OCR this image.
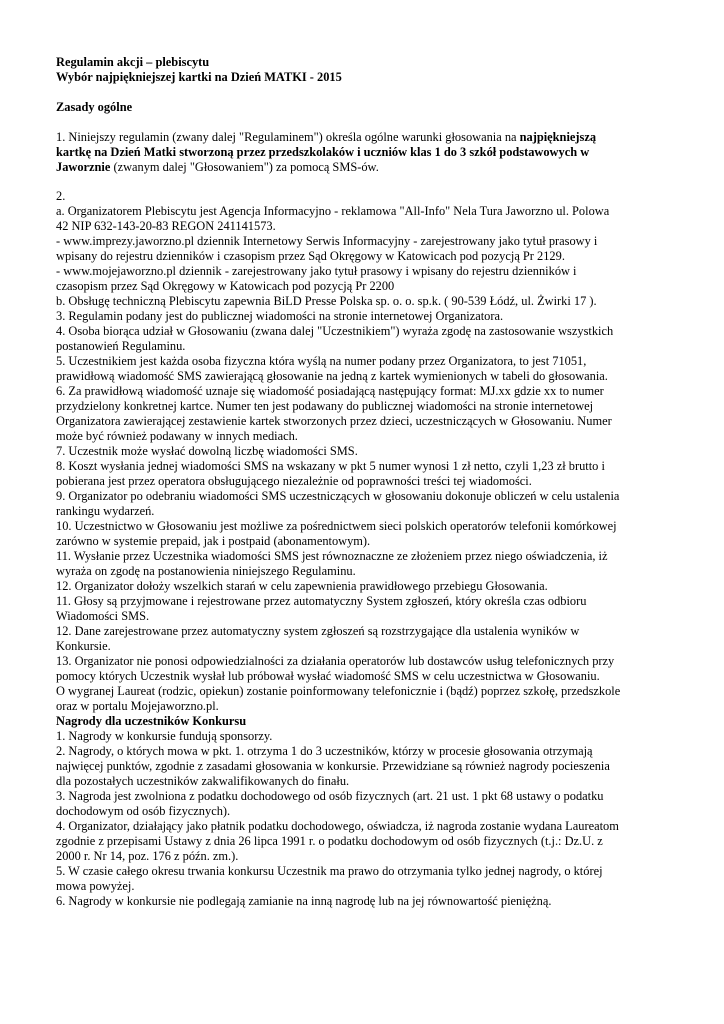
Regulamin akcji – plebiscytu
Wybór najpiękniejszej kartki na Dzień MATKI - 2015
Zasady ogólne
1. Niniejszy regulamin (zwany dalej "Regulaminem") określa ogólne warunki głosowania na najpiękniejszą
kartkę na Dzień Matki stworzoną przez przedszkolaków i uczniów klas 1 do 3 szkół podstawowych w
Jaworznie (zwanym dalej "Głosowaniem") za pomocą SMS-ów.
2.
a. Organizatorem Plebiscytu jest Agencja Informacyjno - reklamowa "All-Info" Nela Tura Jaworzno ul. Polowa
42 NIP 632-143-20-83 REGON 241141573.
- www.imprezy.jaworzno.pl dziennik Internetowy Serwis Informacyjny - zarejestrowany jako tytuł prasowy i
wpisany do rejestru dzienników i czasopism przez Sąd Okręgowy w Katowicach pod pozycją Pr 2129.
- www.mojejaworzno.pl dziennik - zarejestrowany jako tytuł prasowy i wpisany do rejestru dzienników i
czasopism przez Sąd Okręgowy w Katowicach pod pozycją Pr 2200
b. Obsługę techniczną Plebiscytu zapewnia BiLD Presse Polska sp. o. o. sp.k. ( 90-539 Łódź, ul. Żwirki 17 ).
3. Regulamin podany jest do publicznej wiadomości na stronie internetowej Organizatora.
4. Osoba biorąca udział w Głosowaniu (zwana dalej "Uczestnikiem") wyraża zgodę na zastosowanie wszystkich
postanowień Regulaminu.
5. Uczestnikiem jest każda osoba fizyczna która wyślą na numer podany przez Organizatora, to jest 71051,
prawidłową wiadomość SMS zawierającą głosowanie na jedną z kartek wymienionych w tabeli do głosowania.
6. Za prawidłową wiadomość uznaje się wiadomość posiadającą następujący format: MJ.xx gdzie xx to numer
przydzielony konkretnej kartce. Numer ten jest podawany do publicznej wiadomości na stronie internetowej
Organizatora zawierającej zestawienie kartek stworzonych przez dzieci, uczestniczących w Głosowaniu. Numer
może być również podawany w innych mediach.
7. Uczestnik może wysłać dowolną liczbę wiadomości SMS.
8. Koszt wysłania jednej wiadomości SMS na wskazany w pkt 5 numer wynosi 1 zł netto, czyli 1,23 zł brutto i
pobierana jest przez operatora obsługującego niezależnie od poprawności treści tej wiadomości.
9. Organizator po odebraniu wiadomości SMS uczestniczących w głosowaniu dokonuje obliczeń w celu ustalenia
rankingu wydarzeń.
10. Uczestnictwo w Głosowaniu jest możliwe za pośrednictwem sieci polskich operatorów telefonii komórkowej
zarówno w systemie prepaid, jak i postpaid (abonamentowym).
11. Wysłanie przez Uczestnika wiadomości SMS jest równoznaczne ze złożeniem przez niego oświadczenia, iż
wyraża on zgodę na postanowienia niniejszego Regulaminu.
12. Organizator dołoży wszelkich starań w celu zapewnienia prawidłowego przebiegu Głosowania.
11. Głosy są przyjmowane i rejestrowane przez automatyczny System zgłoszeń, który określa czas odbioru
Wiadomości SMS.
12. Dane zarejestrowane przez automatyczny system zgłoszeń są rozstrzygające dla ustalenia wyników w
Konkursie.
13. Organizator nie ponosi odpowiedzialności za działania operatorów lub dostawców usług telefonicznych przy
pomocy których Uczestnik wysłał lub próbował wysłać wiadomość SMS w celu uczestnictwa w Głosowaniu.
O wygranej Laureat (rodzic, opiekun) zostanie poinformowany telefonicznie i (bądź) poprzez szkołę, przedszkole
oraz w portalu Mojejaworzno.pl.
Nagrody dla uczestników Konkursu
1. Nagrody w konkursie fundują sponsorzy.
2. Nagrody, o których mowa w pkt. 1. otrzyma 1 do 3 uczestników, którzy w procesie głosowania otrzymają
najwięcej punktów, zgodnie z zasadami głosowania w konkursie. Przewidziane są również nagrody pocieszenia
dla pozostałych uczestników zakwalifikowanych do finału.
3. Nagroda jest zwolniona z podatku dochodowego od osób fizycznych (art. 21 ust. 1 pkt 68 ustawy o podatku
dochodowym od osób fizycznych).
4. Organizator, działający jako płatnik podatku dochodowego, oświadcza, iż nagroda zostanie wydana Laureatom
zgodnie z przepisami Ustawy z dnia 26 lipca 1991 r. o podatku dochodowym od osób fizycznych (t.j.: Dz.U. z
2000 r. Nr 14, poz. 176 z późn. zm.).
5. W czasie całego okresu trwania konkursu Uczestnik ma prawo do otrzymania tylko jednej nagrody, o której
mowa powyżej.
6. Nagrody w konkursie nie podlegają zamianie na inną nagrodę lub na jej równowartość pieniężną.
